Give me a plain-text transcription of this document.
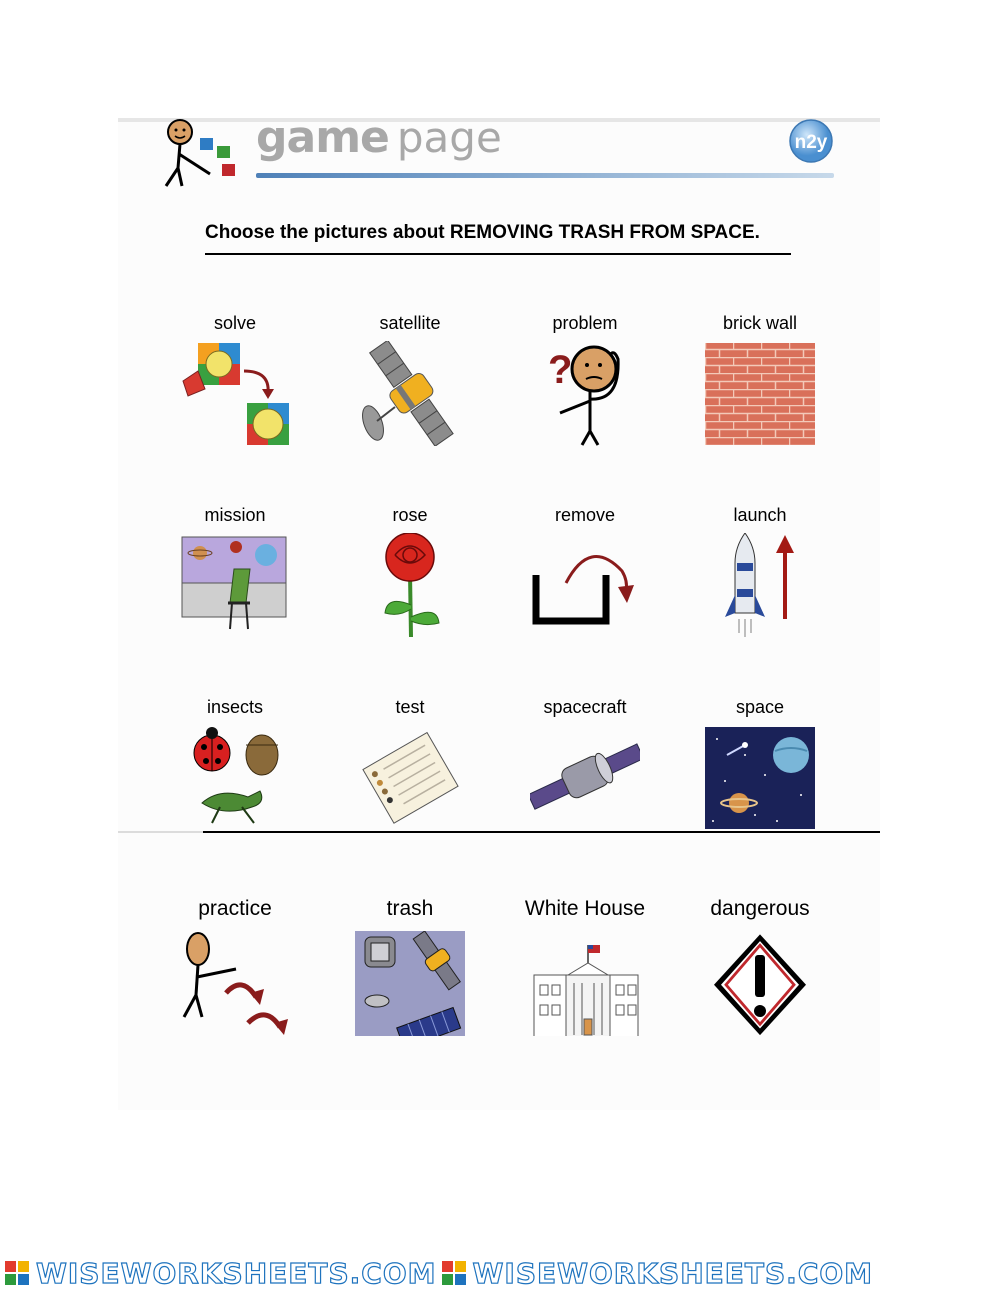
game page	n2y
Choose the pictures about REMOVING TRASH FROM SPACE.
solve	satellite	problem
?
brick wall
mission	rose	remove	launch
insects	test	spacecraft	space
practice	trash	White House	dangerous
WISEWORKSHEETS.COM WISEWORKSHEETS.COM
